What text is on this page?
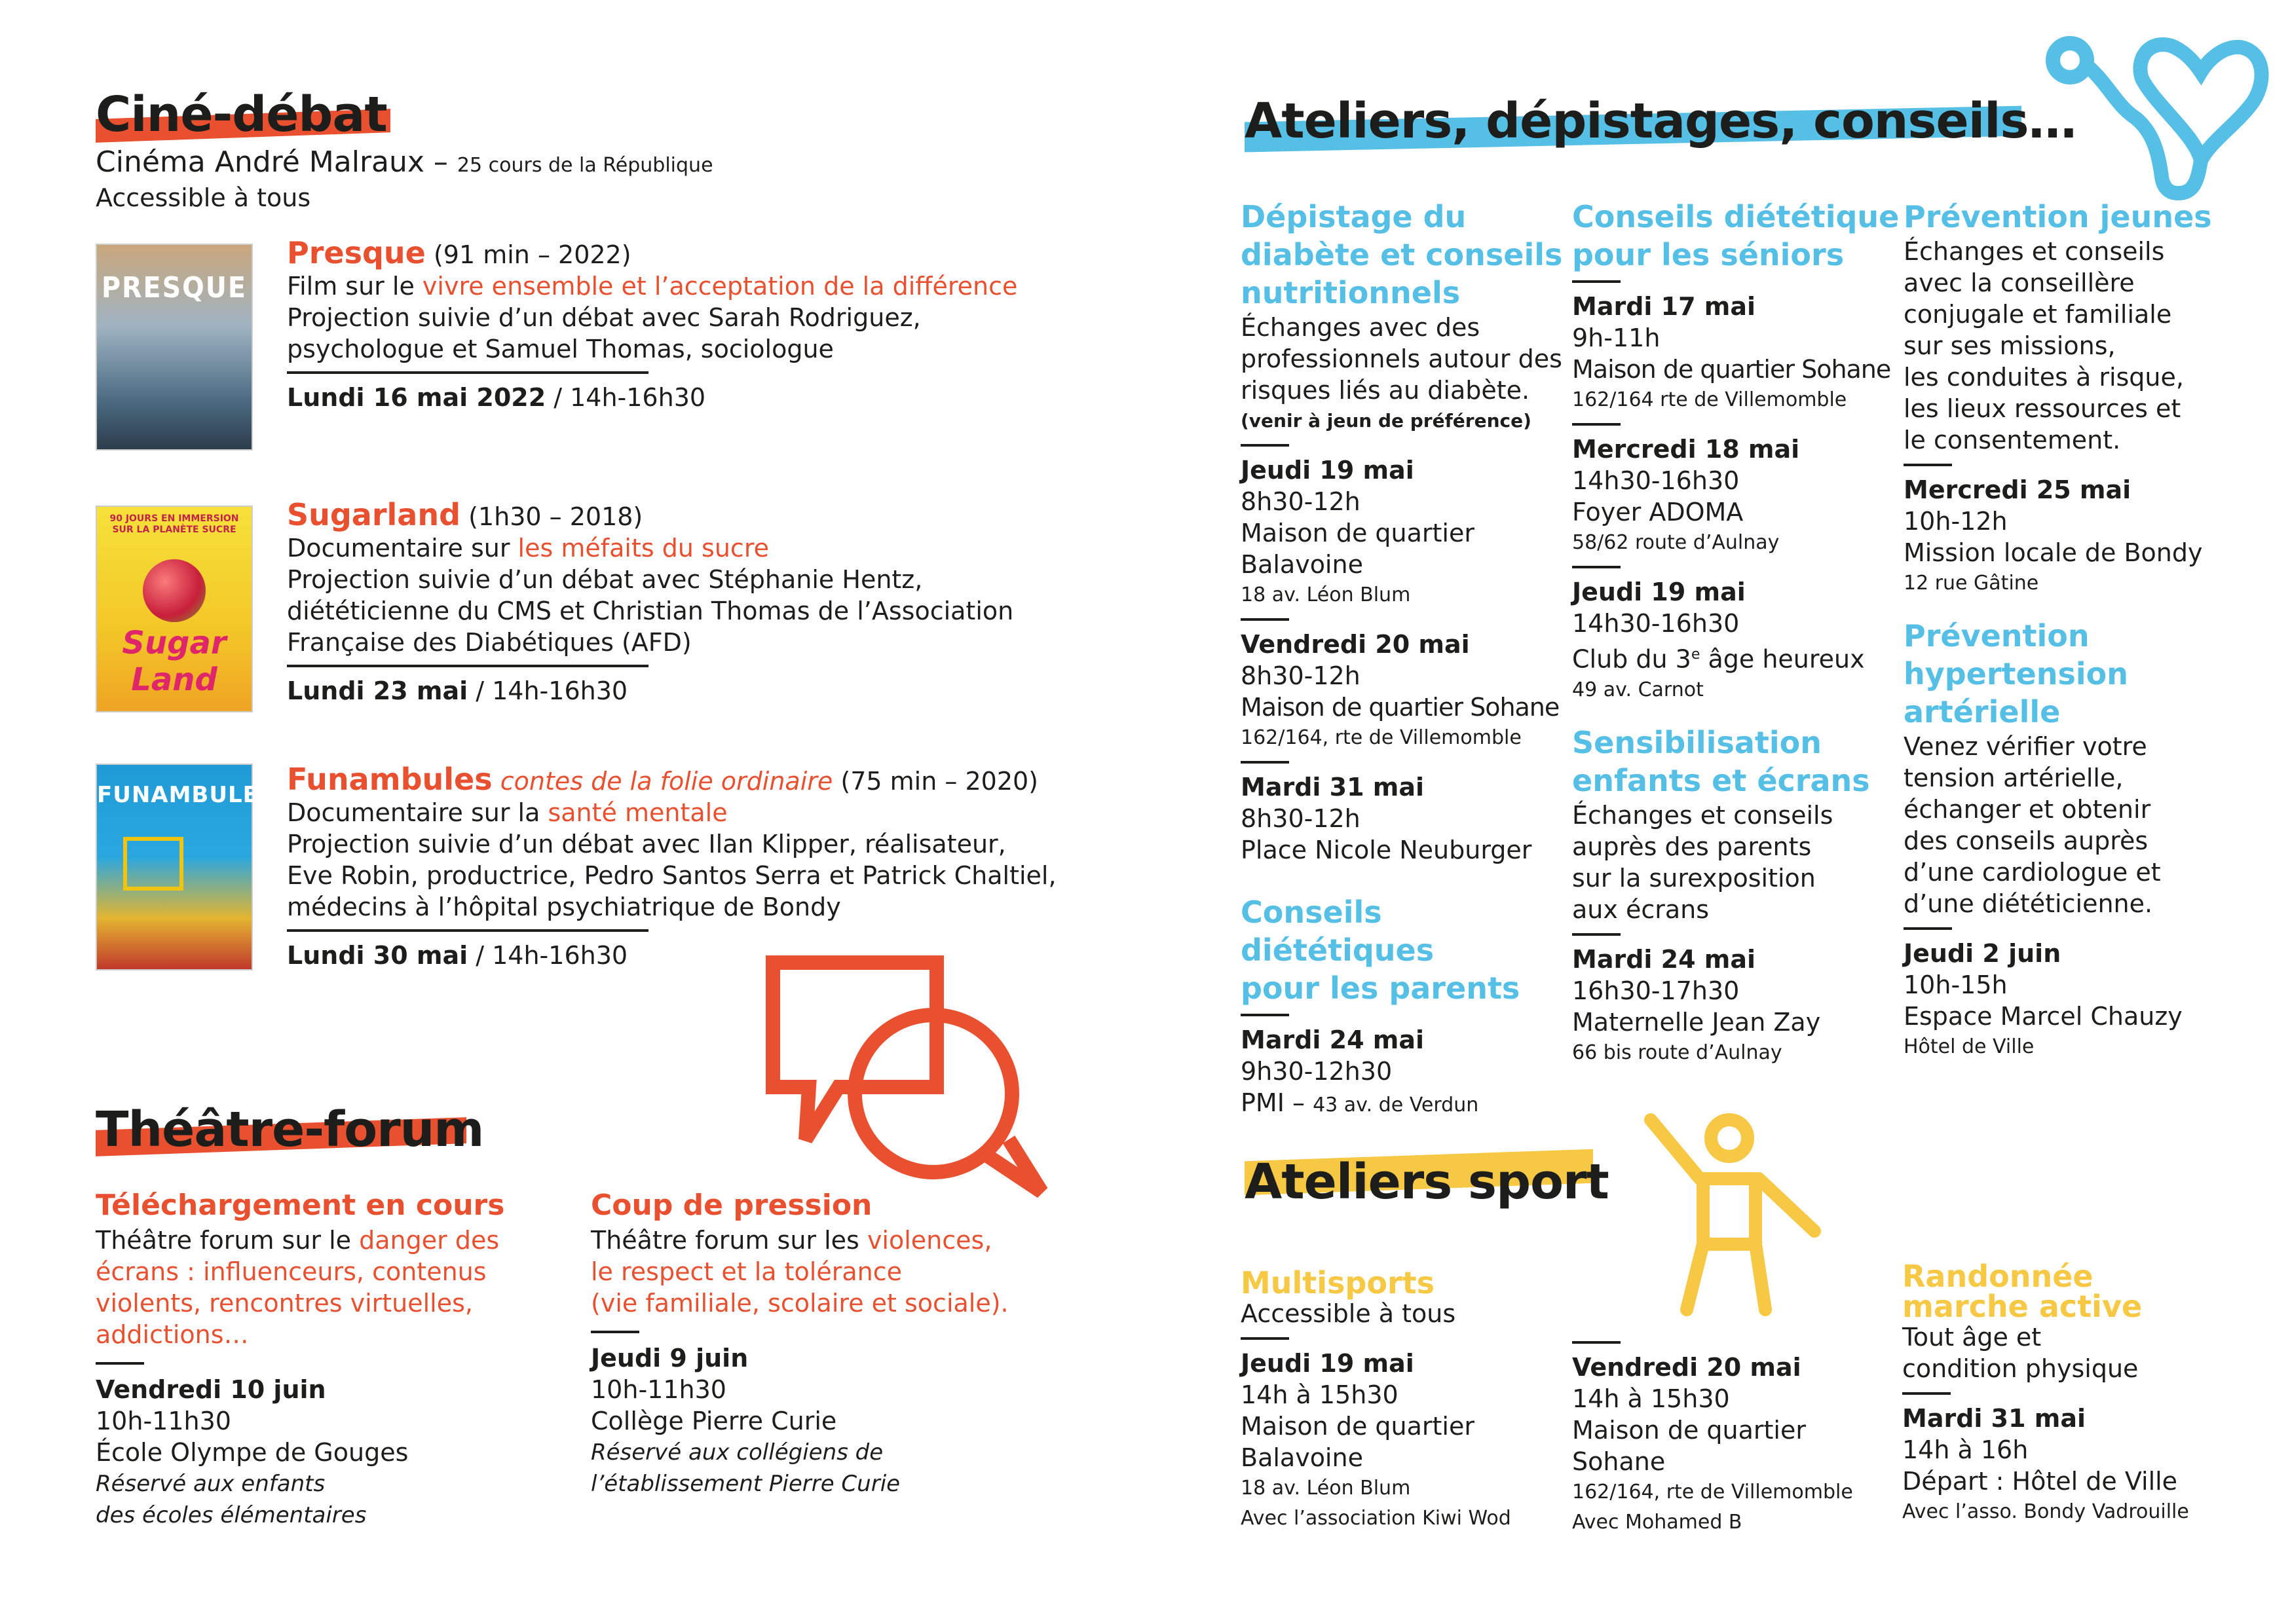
Ciné-débat
Cinéma André Malraux – 25 cours de la République
Accessible à tous
PRESQUE
Presque (91 min – 2022)
Film sur le vivre ensemble et l’acceptation de la différence
Projection suivie d’un débat avec Sarah Rodriguez,
psychologue et Samuel Thomas, sociologue
Lundi 16 mai 2022 / 14h-16h30
90 JOURS EN IMMERSION SUR LA PLANÈTE SUCRE
Sugar Land
Sugarland (1h30 – 2018)
Documentaire sur les méfaits du sucre
Projection suivie d’un débat avec Stéphanie Hentz,
diététicienne du CMS et Christian Thomas de l’Association
Française des Diabétiques (AFD)
Lundi 23 mai / 14h-16h30
FUNAMBULES Funambules contes de la folie ordinaire (75 min – 2020)
Documentaire sur la santé mentale
Projection suivie d’un débat avec Ilan Klipper, réalisateur,
Eve Robin, productrice, Pedro Santos Serra et Patrick Chaltiel,
médecins à l’hôpital psychiatrique de Bondy
Lundi 30 mai / 14h-16h30
Théâtre-forum
Téléchargement en cours
Théâtre forum sur le danger des
écrans : influenceurs, contenus
violents, rencontres virtuelles,
addictions…
Vendredi 10 juin
10h-11h30
École Olympe de Gouges
Réservé aux enfants
des écoles élémentaires
Coup de pression
Théâtre forum sur les violences,
le respect et la tolérance
(vie familiale, scolaire et sociale).
Jeudi 9 juin
10h-11h30
Collège Pierre Curie
Réservé aux collégiens de
l’établissement Pierre Curie
Ateliers, dépistages, conseils…
Dépistage du
diabète et conseils
nutritionnels
Échanges avec des
professionnels autour des
risques liés au diabète.
(venir à jeun de préférence)
Jeudi 19 mai
8h30-12h
Maison de quartier
Balavoine
18 av. Léon Blum
Vendredi 20 mai
8h30-12h
Maison de quartier Sohane
162/164, rte de Villemomble
Mardi 31 mai
8h30-12h
Place Nicole Neuburger
Conseils diététiques
pour les parents
Mardi 24 mai
9h30-12h30
PMI – 43 av. de Verdun
Conseils diététique
pour les séniors
Mardi 17 mai
9h-11h
Maison de quartier Sohane
162/164 rte de Villemomble
Mercredi 18 mai
14h30-16h30
Foyer ADOMA
58/62 route d’Aulnay
Jeudi 19 mai
14h30-16h30
Club du 3e âge heureux
49 av. Carnot
Sensibilisation
enfants et écrans
Échanges et conseils
auprès des parents
sur la surexposition
aux écrans
Mardi 24 mai
16h30-17h30
Maternelle Jean Zay
66 bis route d’Aulnay
Prévention jeunes
Échanges et conseils
avec la conseillère
conjugale et familiale
sur ses missions,
les conduites à risque,
les lieux ressources et
le consentement.
Mercredi 25 mai
10h-12h
Mission locale de Bondy
12 rue Gâtine
Prévention
hypertension
artérielle
Venez vérifier votre
tension artérielle,
échanger et obtenir
des conseils auprès
d’une cardiologue et
d’une diététicienne.
Jeudi 2 juin
10h-15h
Espace Marcel Chauzy
Hôtel de Ville
Ateliers sport
Multisports
Accessible à tous
Jeudi 19 mai
14h à 15h30
Maison de quartier
Balavoine
18 av. Léon Blum
Avec l’association Kiwi Wod
Vendredi 20 mai
14h à 15h30
Maison de quartier
Sohane
162/164, rte de Villemomble
Avec Mohamed B
Randonnée
marche active
Tout âge et
condition physique
Mardi 31 mai
14h à 16h
Départ : Hôtel de Ville
Avec l’asso. Bondy Vadrouille
